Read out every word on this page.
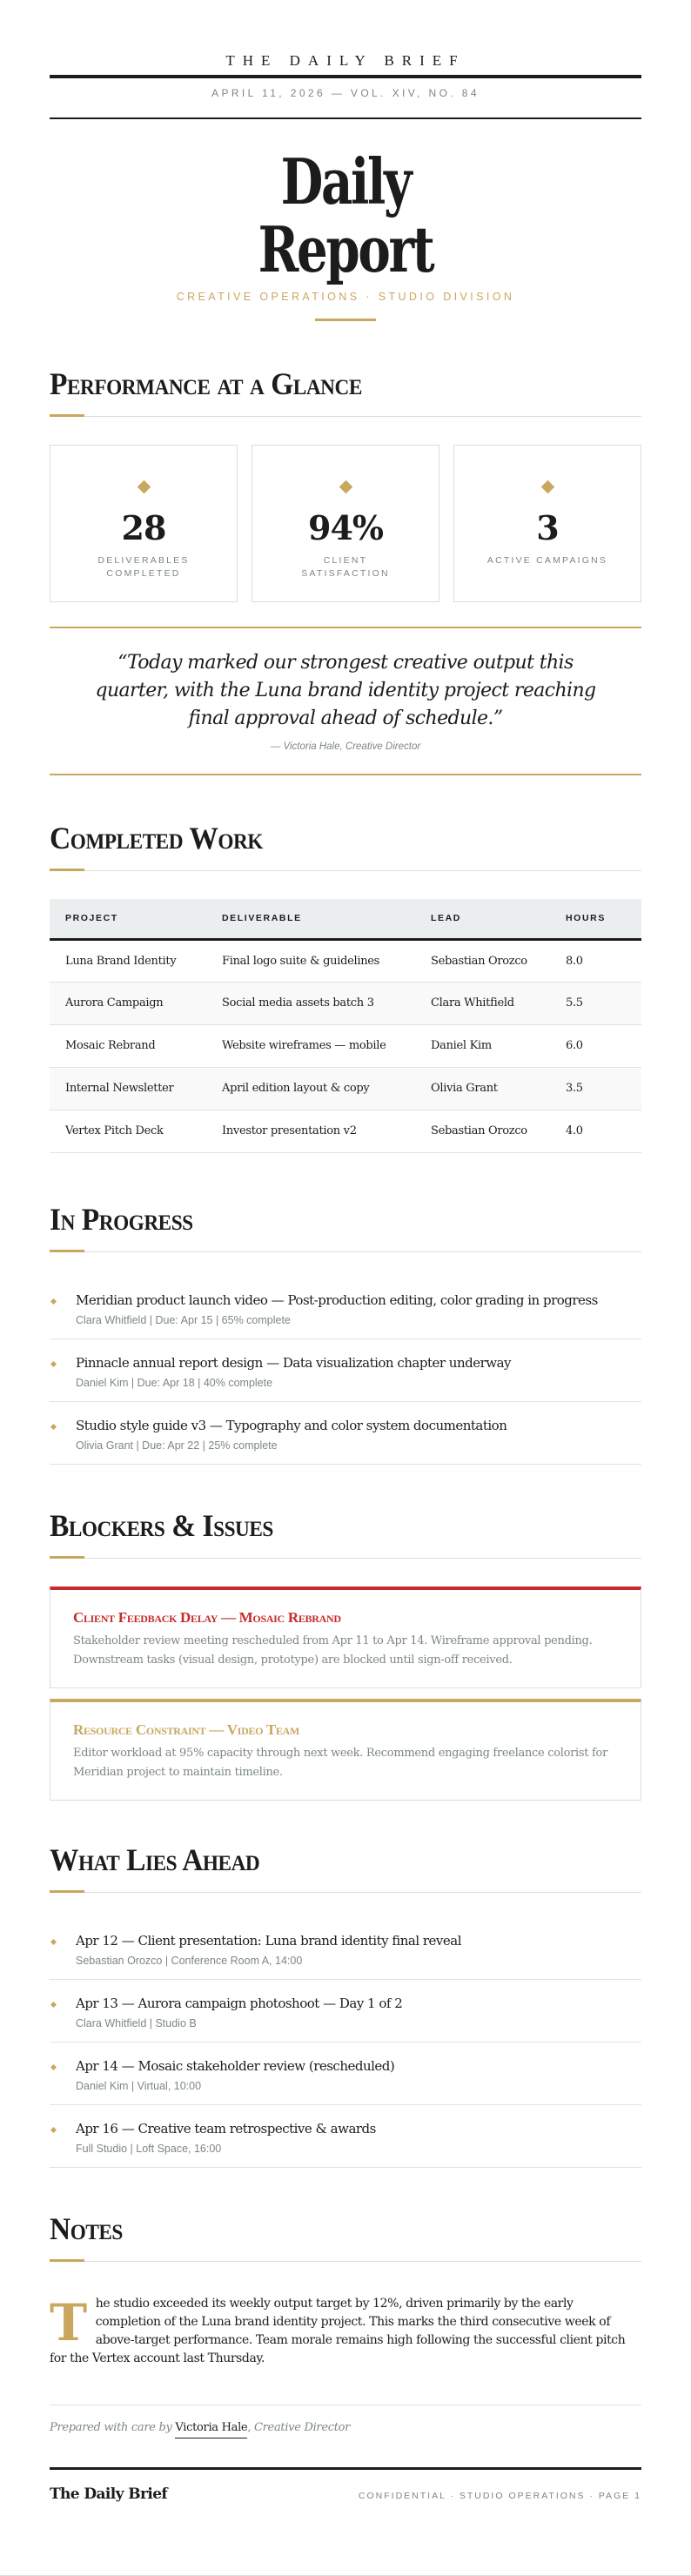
THE DAILY BRIEF
APRIL 11, 2026 — VOL. XIV, NO. 84
Daily
Report
CREATIVE OPERATIONS · STUDIO DIVISION
Performance at a Glance
28
DELIVERABLES COMPLETED
94%
CLIENT SATISFACTION
3
ACTIVE CAMPAIGNS
“Today marked our strongest creative output this quarter, with the Luna brand identity project reaching final approval ahead of schedule.”
— Victoria Hale, Creative Director
Completed Work
PROJECT	DELIVERABLE	LEAD	HOURS
Luna Brand Identity	Final logo suite & guidelines	Sebastian Orozco	8.0
Aurora Campaign	Social media assets batch 3	Clara Whitfield	5.5
Mosaic Rebrand	Website wireframes — mobile	Daniel Kim	6.0
Internal Newsletter	April edition layout & copy	Olivia Grant	3.5
Vertex Pitch Deck	Investor presentation v2	Sebastian Orozco	4.0
In Progress
Meridian product launch video — Post-production editing, color grading in progress
Clara Whitfield | Due: Apr 15 | 65% complete
Pinnacle annual report design — Data visualization chapter underway
Daniel Kim | Due: Apr 18 | 40% complete
Studio style guide v3 — Typography and color system documentation
Olivia Grant | Due: Apr 22 | 25% complete
Blockers & Issues
Client Feedback Delay — Mosaic Rebrand
Stakeholder review meeting rescheduled from Apr 11 to Apr 14. Wireframe approval pending. Downstream tasks (visual design, prototype) are blocked until sign-off received.
Resource Constraint — Video Team
Editor workload at 95% capacity through next week. Recommend engaging freelance colorist for Meridian project to maintain timeline.
What Lies Ahead
Apr 12 — Client presentation: Luna brand identity final reveal
Sebastian Orozco | Conference Room A, 14:00
Apr 13 — Aurora campaign photoshoot — Day 1 of 2
Clara Whitfield | Studio B
Apr 14 — Mosaic stakeholder review (rescheduled)
Daniel Kim | Virtual, 10:00
Apr 16 — Creative team retrospective & awards
Full Studio | Loft Space, 16:00
Notes

The studio exceeded its weekly output target by 12%, driven primarily by the early completion of the Luna brand identity project. This marks the third consecutive week of above-target performance. Team morale remains high following the successful client pitch for the Vertex account last Thursday.

Prepared with care by Victoria Hale, Creative Director
The Daily Brief	CONFIDENTIAL · STUDIO OPERATIONS · PAGE 1
